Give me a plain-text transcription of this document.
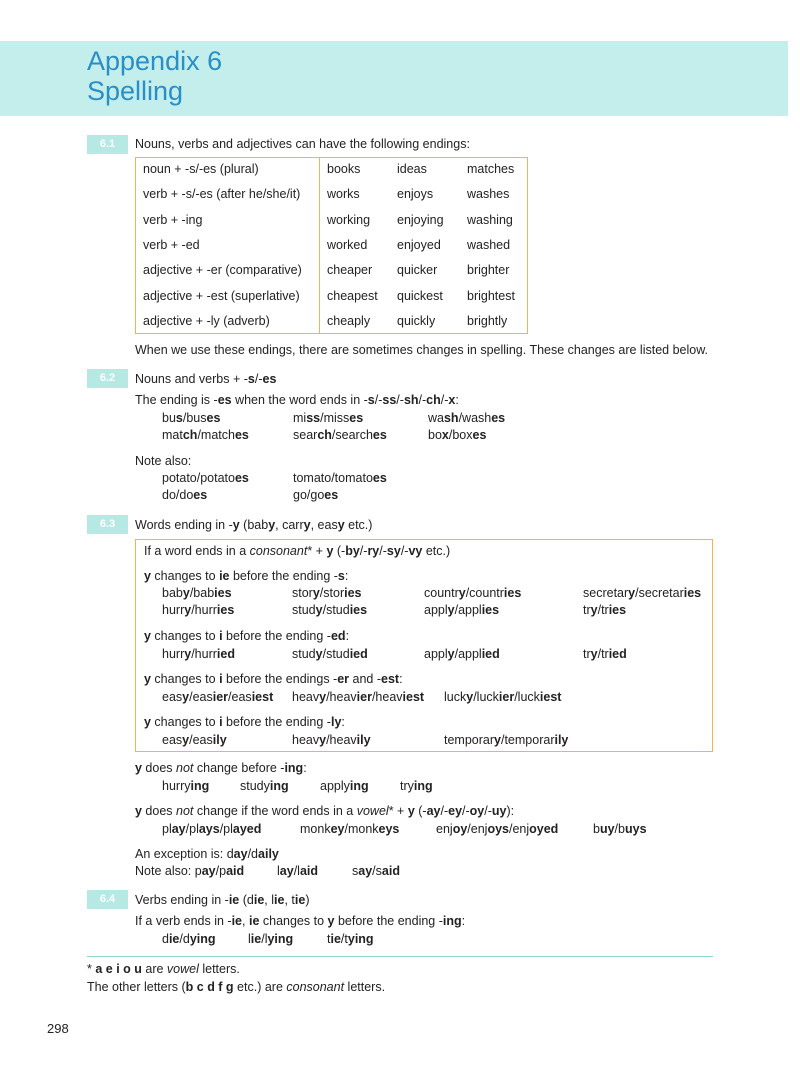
Appendix 6
Spelling
6.1	Nouns, verbs and adjectives can have the following endings:
noun + -s/-es (plural)	books	ideas	matches
verb + -s/-es (after he/she/it) works	enjoys	washes
verb + -ing	working enjoying washing
verb + -ed	worked enjoyed washed
adjective + -er (comparative) cheaper quicker brighter
adjective + -est (superlative) cheapest quickest brightest
adjective + -ly (adverb)	cheaply quickly	brightly
When we use these endings, there are sometimes changes in spelling. These changes are listed below.
6.2	Nouns and verbs + -s/-es
The ending is -es when the word ends in -s/-ss/-sh/-ch/-x:
bus/buses	miss/misses	wash/washes
match/matches	search/searches	box/boxes
Note also:
potato/potatoes	tomato/tomatoes
do/does	go/goes
6.3	Words ending in -y (baby, carry, easy etc.)
If a word ends in a consonant* + y (-by/-ry/-sy/-vy etc.)
y changes to ie before the ending -s:
baby/babies	story/stories	country/countries	secretary/secretaries
hurry/hurries	study/studies	apply/applies	try/tries
y changes to i before the ending -ed:
hurry/hurried	study/studied	apply/applied	try/tried
y changes to i before the endings -er and -est:
easy/easier/easiest heavy/heavier/heaviest lucky/luckier/luckiest
y changes to i before the ending -ly:
easy/easily	heavy/heavily	temporary/temporarily
y does not change before -ing:
hurrying studying	applying	trying
y does not change if the word ends in a vowel* + y (-ay/-ey/-oy/-uy):
play/plays/played	monkey/monkeys	enjoy/enjoys/enjoyed	buy/buys
An exception is: day/daily
Note also: pay/paid	lay/laid	say/said
6.4	Verbs ending in -ie (die, lie, tie)
If a verb ends in -ie, ie changes to y before the ending -ing:
die/dying	lie/lying	tie/tying
* a e i o u are vowel letters.
The other letters (b c d f g etc.) are consonant letters.
298
